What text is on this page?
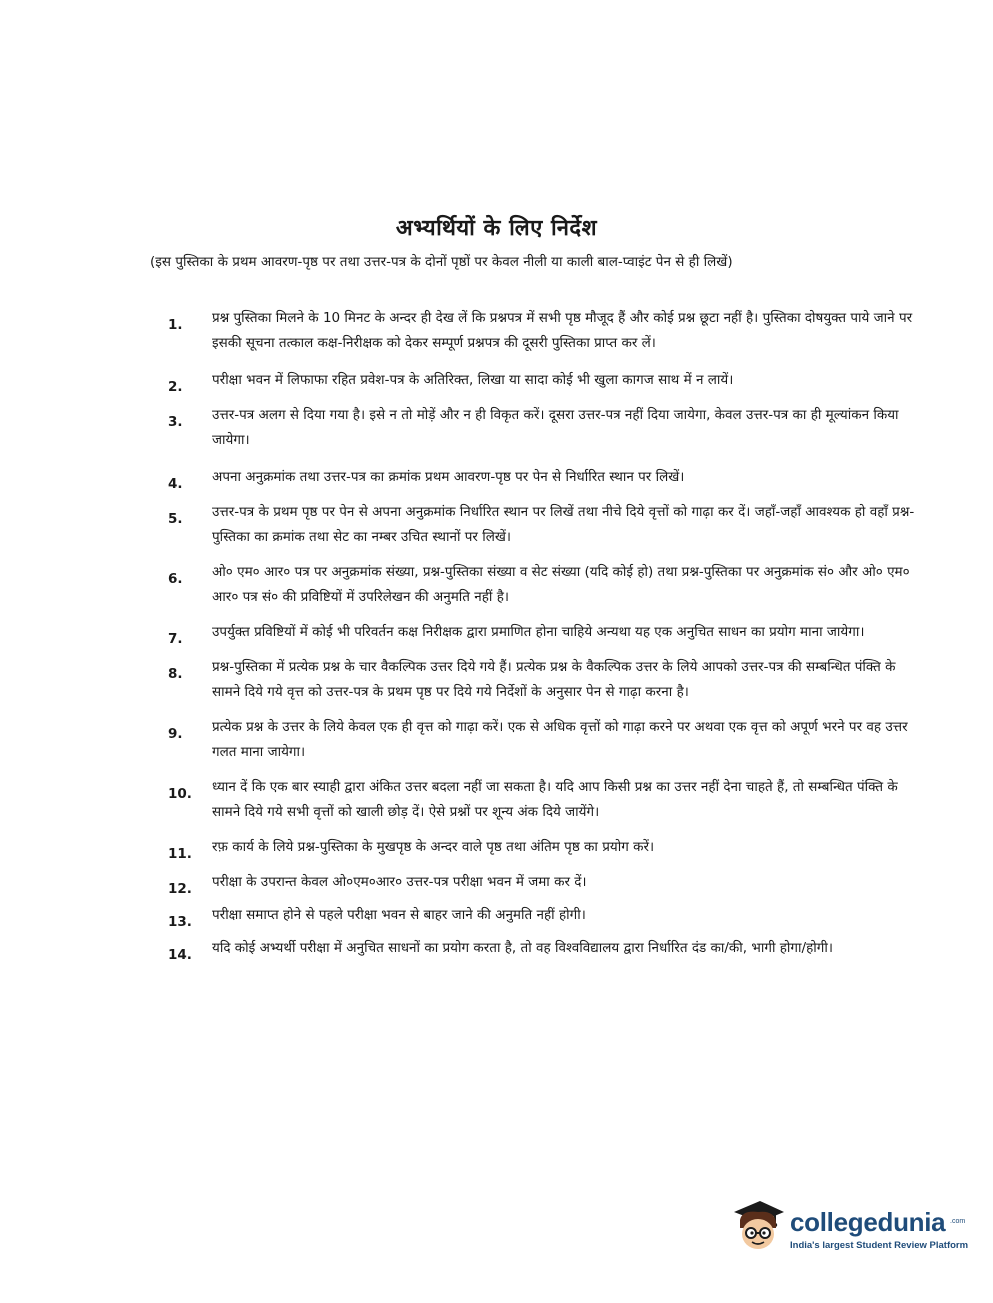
अभ्यर्थियों के लिए निर्देश
(इस पुस्तिका के प्रथम आवरण-पृष्ठ पर तथा उत्तर-पत्र के दोनों पृष्ठों पर केवल नीली या काली बाल-प्वाइंट पेन से ही लिखें)
1.	प्रश्न पुस्तिका मिलने के 10 मिनट के अन्दर ही देख लें कि प्रश्नपत्र में सभी पृष्ठ मौजूद हैं और कोई प्रश्न छूटा नहीं है। पुस्तिका दोषयुक्त पाये जाने पर इसकी सूचना तत्काल कक्ष-निरीक्षक को देकर सम्पूर्ण प्रश्नपत्र की दूसरी पुस्तिका प्राप्त कर लें।
2.	परीक्षा भवन में लिफाफा रहित प्रवेश-पत्र के अतिरिक्त, लिखा या सादा कोई भी खुला कागज साथ में न लायें।
3.	उत्तर-पत्र अलग से दिया गया है। इसे न तो मोड़ें और न ही विकृत करें। दूसरा उत्तर-पत्र नहीं दिया जायेगा, केवल उत्तर-पत्र का ही मूल्यांकन किया जायेगा।
4.	अपना अनुक्रमांक तथा उत्तर-पत्र का क्रमांक प्रथम आवरण-पृष्ठ पर पेन से निर्धारित स्थान पर लिखें।
5.	उत्तर-पत्र के प्रथम पृष्ठ पर पेन से अपना अनुक्रमांक निर्धारित स्थान पर लिखें तथा नीचे दिये वृत्तों को गाढ़ा कर दें। जहाँ-जहाँ आवश्यक हो वहाँ प्रश्न-पुस्तिका का क्रमांक तथा सेट का नम्बर उचित स्थानों पर लिखें।
6.	ओ० एम० आर० पत्र पर अनुक्रमांक संख्या, प्रश्न-पुस्तिका संख्या व सेट संख्या (यदि कोई हो) तथा प्रश्न-पुस्तिका पर अनुक्रमांक सं० और ओ० एम० आर० पत्र सं० की प्रविष्टियों में उपरिलेखन की अनुमति नहीं है।
7.	उपर्युक्त प्रविष्टियों में कोई भी परिवर्तन कक्ष निरीक्षक द्वारा प्रमाणित होना चाहिये अन्यथा यह एक अनुचित साधन का प्रयोग माना जायेगा।
8.	प्रश्न-पुस्तिका में प्रत्येक प्रश्न के चार वैकल्पिक उत्तर दिये गये हैं। प्रत्येक प्रश्न के वैकल्पिक उत्तर के लिये आपको उत्तर-पत्र की सम्बन्धित पंक्ति के सामने दिये गये वृत्त को उत्तर-पत्र के प्रथम पृष्ठ पर दिये गये निर्देशों के अनुसार पेन से गाढ़ा करना है।
9.	प्रत्येक प्रश्न के उत्तर के लिये केवल एक ही वृत्त को गाढ़ा करें। एक से अधिक वृत्तों को गाढ़ा करने पर अथवा एक वृत्त को अपूर्ण भरने पर वह उत्तर गलत माना जायेगा।
10.	ध्यान दें कि एक बार स्याही द्वारा अंकित उत्तर बदला नहीं जा सकता है। यदि आप किसी प्रश्न का उत्तर नहीं देना चाहते हैं, तो सम्बन्धित पंक्ति के सामने दिये गये सभी वृत्तों को खाली छोड़ दें। ऐसे प्रश्नों पर शून्य अंक दिये जायेंगे।
11.	रफ़ कार्य के लिये प्रश्न-पुस्तिका के मुखपृष्ठ के अन्दर वाले पृष्ठ तथा अंतिम पृष्ठ का प्रयोग करें।
12.	परीक्षा के उपरान्त केवल ओ०एम०आर० उत्तर-पत्र परीक्षा भवन में जमा कर दें।
13.	परीक्षा समाप्त होने से पहले परीक्षा भवन से बाहर जाने की अनुमति नहीं होगी।
14.	यदि कोई अभ्यर्थी परीक्षा में अनुचित साधनों का प्रयोग करता है, तो वह विश्वविद्यालय द्वारा निर्धारित दंड का/की, भागी होगा/होगी।
collegedunia .com
India's largest Student Review Platform
